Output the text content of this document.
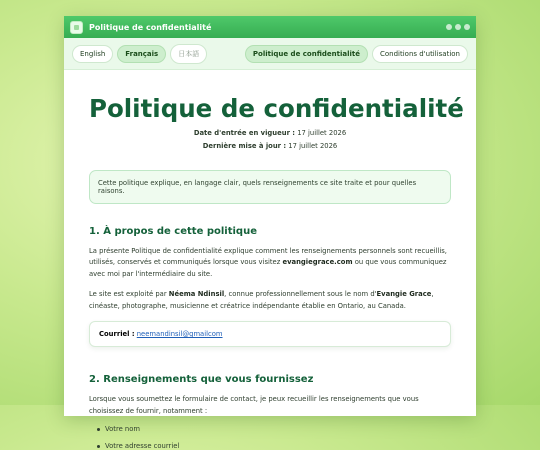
Politique de confidentialité
English	Français	日本語	Politique de confidentialité	Conditions d'utilisation
Politique de confidentialité
Date d'entrée en vigueur : 17 juillet 2026
Dernière mise à jour : 17 juillet 2026
Cette politique explique, en langage clair, quels renseignements ce site traite et pour quelles raisons.
1. À propos de cette politique

La présente Politique de confidentialité explique comment les renseignements personnels sont recueillis, utilisés, conservés et communiqués lorsque vous visitez evangiegrace.com ou que vous communiquez avec moi par l'intermédiaire du site.

Le site est exploité par Néema Ndinsil, connue professionnellement sous le nom d'Evangie Grace, cinéaste, photographe, musicienne et créatrice indépendante établie en Ontario, au Canada.

Courriel : neemandinsil@gmailcom
2. Renseignements que vous fournissez

Lorsque vous soumettez le formulaire de contact, je peux recueillir les renseignements que vous choisissez de fournir, notamment :

Votre nom
Votre adresse courriel
